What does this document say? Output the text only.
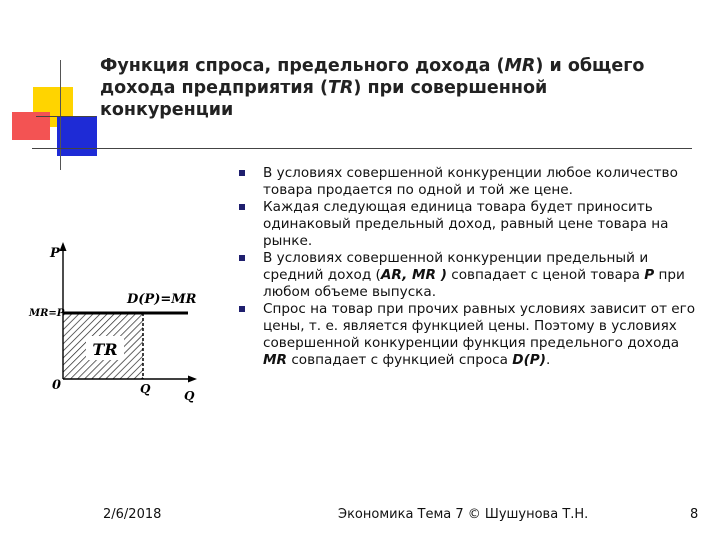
Функция спроса, предельного дохода (MR) и общего
дохода предприятия (TR) при совершенной
конкуренции
В условиях совершенной конкуренции любое количество товара продается по одной и той же цене.
Каждая следующая единица товара будет приносить одинаковый предельный доход, равный цене товара на рынке.
В условиях совершенной конкуренции предельный и средний доход (AR, MR ) совпадает с ценой товара P при любом объеме выпуска.
Спрос на товар при прочих равных условиях зависит от его цены, т. е. является функцией цены. Поэтому в условиях совершенной конкуренции функция предельного дохода MR совпадает с функцией спроса D(P).
TR
P
MR=P
D(P)=MR
0	Q	Q
2/6/2018	Экономика Тема 7 © Шушунова Т.Н.	8
